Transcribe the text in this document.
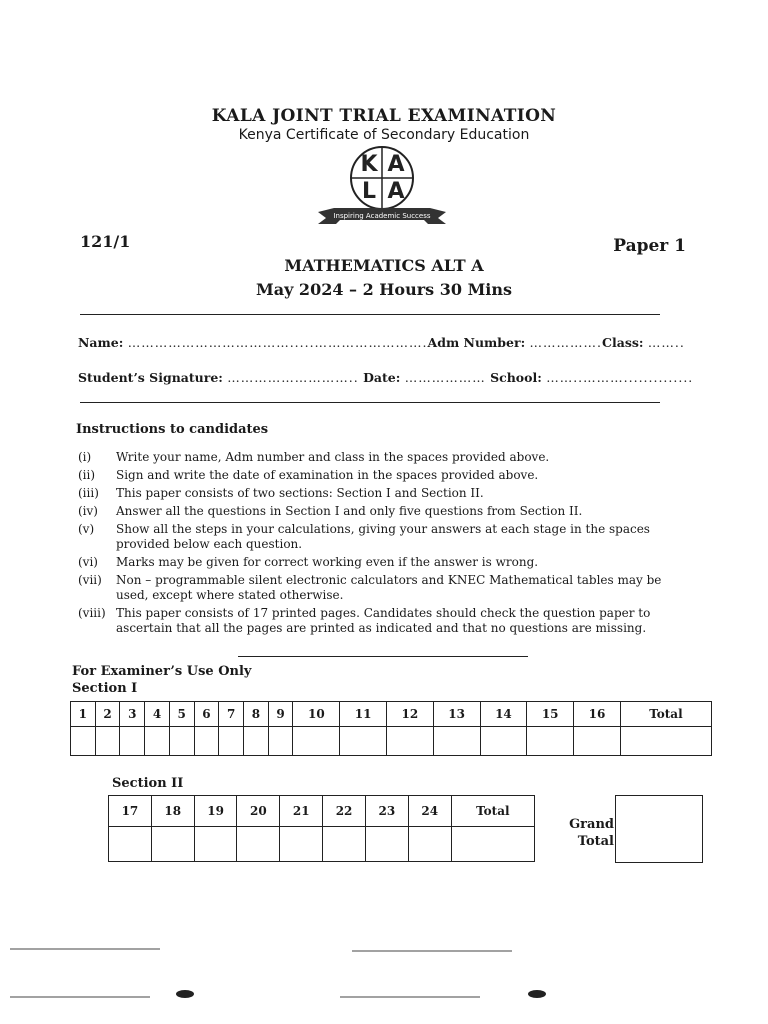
KALA JOINT TRIAL EXAMINATION
Kenya Certificate of Secondary Education
K A
L A
Inspiring Academic Success
121/1	Paper 1
MATHEMATICS ALT A
May 2024 – 2 Hours 30 Mins
Name: ……………………………….....…………………….Adm Number: …………….Class: ……..
Student’s Signature: ……………………….. Date: ……………… School: ……..………..............
Instructions to candidates
(i)	Write your name, Adm number and class in the spaces provided above.
(ii)	Sign and write the date of examination in the spaces provided above.
(iii)	This paper consists of two sections: Section I and Section II.
(iv)	Answer all the questions in Section I and only five questions from Section II.
(v)	Show all the steps in your calculations, giving your answers at each stage in the spaces provided below each question.
(vi)	Marks may be given for correct working even if the answer is wrong.
(vii)	Non – programmable silent electronic calculators and KNEC Mathematical tables may be used, except where stated otherwise.
(viii) This paper consists of 17 printed pages. Candidates should check the question paper to ascertain that all the pages are printed as indicated and that no questions are missing.
For Examiner’s Use Only
Section I
1	2	3	4	5	6	7	8	9	10	11	12	13	14	15	16	Total

Section II
17	18	19	20	21	22	23	24	Total

Grand
Total
